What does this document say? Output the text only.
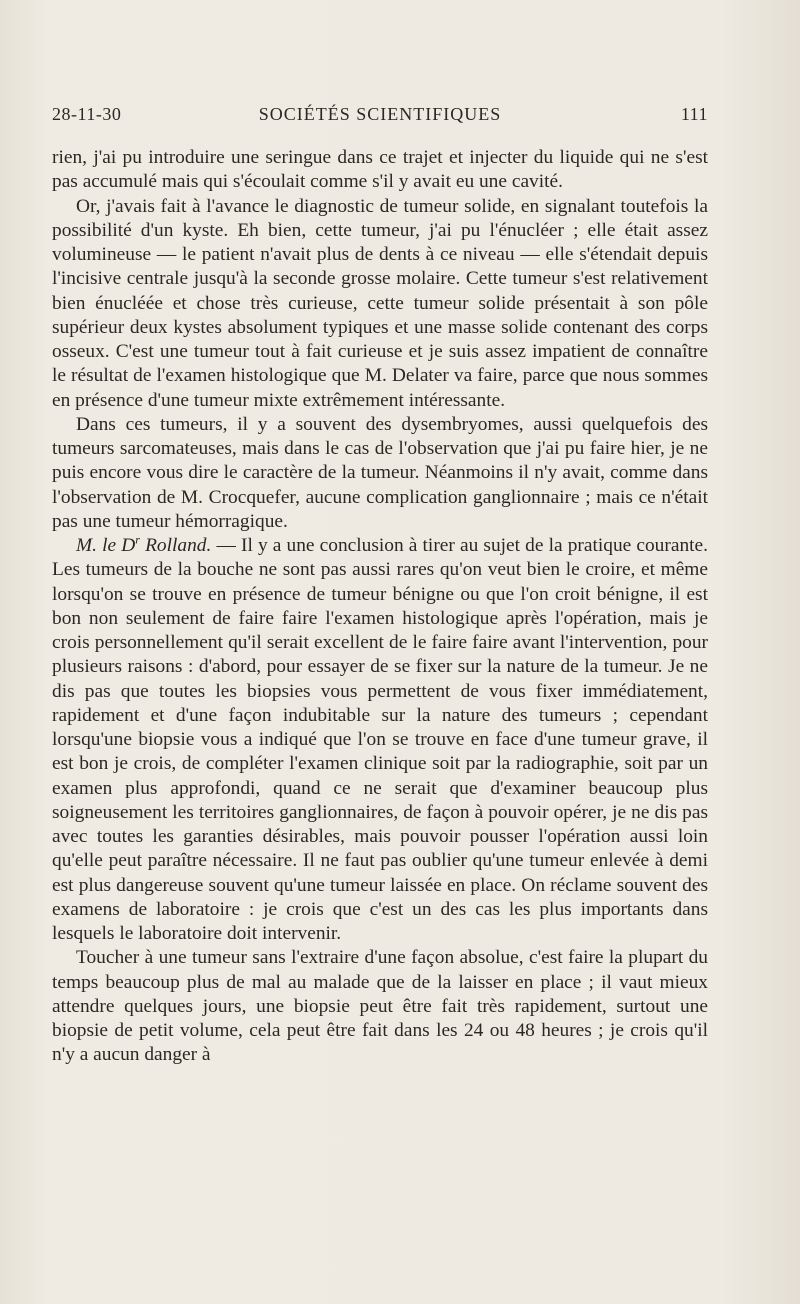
28-11-30	SOCIÉTÉS SCIENTIFIQUES	111

rien, j'ai pu introduire une seringue dans ce trajet et injecter du liquide qui ne s'est pas accumulé mais qui s'écoulait comme s'il y avait eu une cavité.

Or, j'avais fait à l'avance le diagnostic de tumeur solide, en signalant toutefois la possibilité d'un kyste. Eh bien, cette tumeur, j'ai pu l'énucléer ; elle était assez volumineuse — le patient n'avait plus de dents à ce niveau — elle s'étendait depuis l'incisive centrale jusqu'à la seconde grosse molaire. Cette tumeur s'est relativement bien énucléée et chose très curieuse, cette tumeur solide présentait à son pôle supérieur deux kystes absolument typiques et une masse solide contenant des corps osseux. C'est une tumeur tout à fait curieuse et je suis assez impatient de connaître le résultat de l'examen histologique que M. Delater va faire, parce que nous sommes en présence d'une tumeur mixte extrêmement intéressante.

Dans ces tumeurs, il y a souvent des dysembryomes, aussi quelquefois des tumeurs sarcomateuses, mais dans le cas de l'observation que j'ai pu faire hier, je ne puis encore vous dire le caractère de la tumeur. Néanmoins il n'y avait, comme dans l'observation de M. Crocquefer, aucune complication ganglionnaire ; mais ce n'était pas une tumeur hémorragique.

M. le $D^r$ Rolland. — Il y a une conclusion à tirer au sujet de la pratique courante. Les tumeurs de la bouche ne sont pas aussi rares qu'on veut bien le croire, et même lorsqu'on se trouve en présence de tumeur bénigne ou que l'on croit bénigne, il est bon non seulement de faire faire l'examen histologique après l'opération, mais je crois personnellement qu'il serait excellent de le faire faire avant l'intervention, pour plusieurs raisons : d'abord, pour essayer de se fixer sur la nature de la tumeur. Je ne dis pas que toutes les biopsies vous permettent de vous fixer immédiatement, rapidement et d'une façon indubitable sur la nature des tumeurs ; cependant lorsqu'une biopsie vous a indiqué que l'on se trouve en face d'une tumeur grave, il est bon je crois, de compléter l'examen clinique soit par la radiographie, soit par un examen plus approfondi, quand ce ne serait que d'examiner beaucoup plus soigneusement les territoires ganglionnaires, de façon à pouvoir opérer, je ne dis pas avec toutes les garanties désirables, mais pouvoir pousser l'opération aussi loin qu'elle peut paraître nécessaire. Il ne faut pas oublier qu'une tumeur enlevée à demi est plus dangereuse souvent qu'une tumeur laissée en place. On réclame souvent des examens de laboratoire : je crois que c'est un des cas les plus importants dans lesquels le laboratoire doit intervenir.

Toucher à une tumeur sans l'extraire d'une façon absolue, c'est faire la plupart du temps beaucoup plus de mal au malade que de la laisser en place ; il vaut mieux attendre quelques jours, une biopsie peut être fait très rapidement, surtout une biopsie de petit volume, cela peut être fait dans les 24 ou 48 heures ; je crois qu'il n'y a aucun danger à
